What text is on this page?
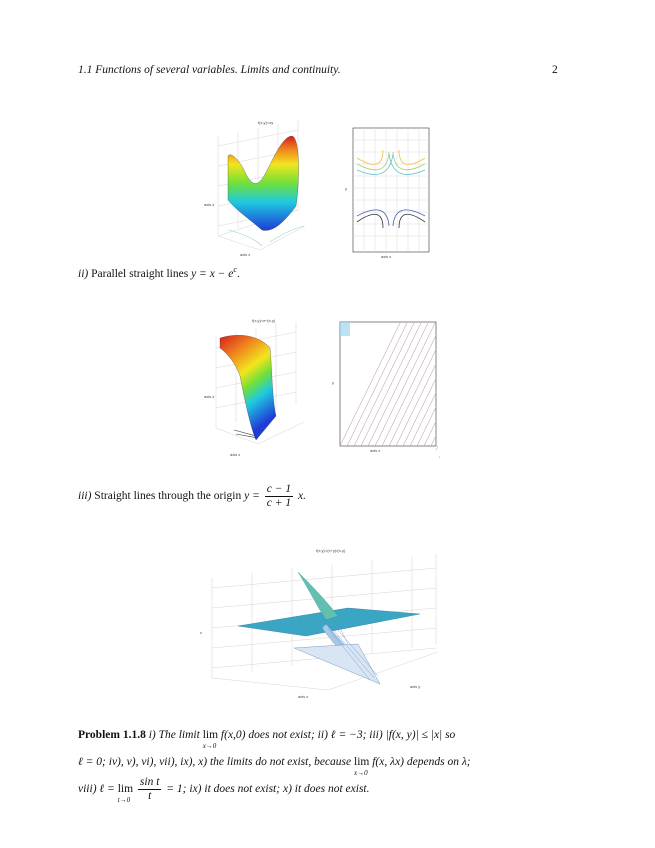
1.1 Functions of several variables. Limits and continuity.	2
f(x,y)=xy
axis z
axis x	axis x
y
ii) Parallel straight lines $y = x - e^c$.
f(x,y)=e^(x-y)
axis z
axis x
axis x
y
iii) Straight lines through the origin $y = \frac{c - 1}{c + 1} x$.
f(x,y)=(x+y)/(x-y)
z
axis x
axis y
Problem 1.1.8 i) The limit lim
x→0
f(x,0) does not exist; ii) ℓ = −3; iii) |f(x, y)| ≤ |x| so
ℓ = 0; iv), v), vi), vii), ix), x) the limits do not exist, because lim
x→0
f(x, λx) depends on λ;
viii) ℓ = lim
t→0
$\frac{\text{sin t}}{t} = 1$; ix) it does not exist; x) it does not exist.
